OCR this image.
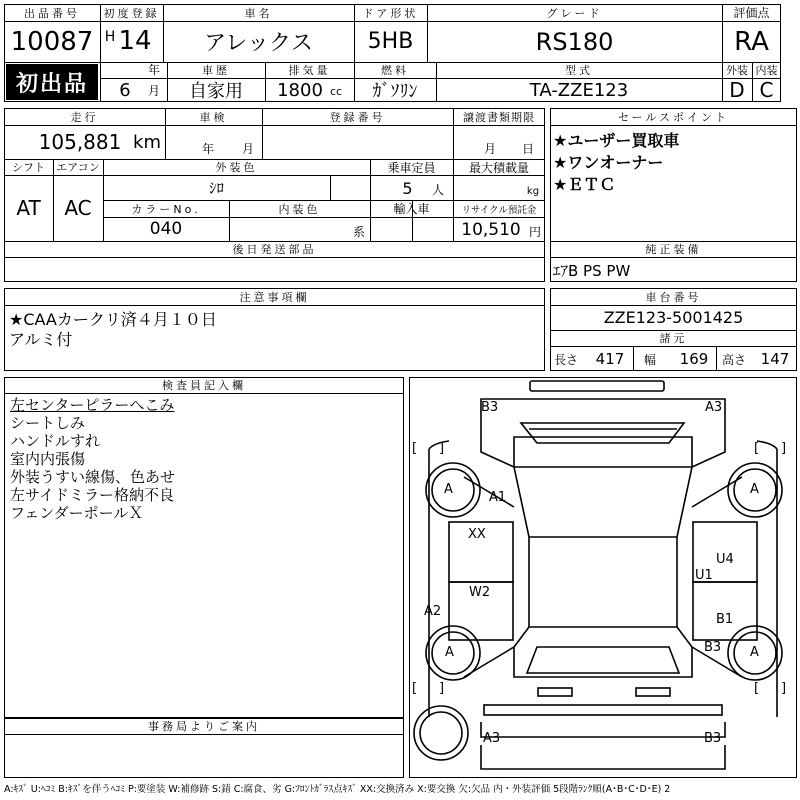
出品番号
10087
初出品
初度登録
H 14
年
6	月
車名
アレックス
ドア形状
5HB
グレード
RS180
評価点
RA
車歴
自家用
排気量
1800 cc
燃料
ｶﾞｿﾘﾝ
型式
TA-ZZE123
外装 内装
D C
走行
105,881 km
車検
年 月
登録番号	譲渡書類期限
月 日
シフト
AT
エアコン
AC
外装色
ｼﾛ
乗車定員
5	人
最大積載量
kg
カラーNo.
040
内装色
系
輸入車	リサイクル預託金
10,510 円
後日発送部品
セールスポイント
★ユーザー買取車
★ワンオーナー
★ＥＴＣ
純正装備
ｴｱB PS PW
注意事項欄
★CAAカークリ済４月１０日
アルミ付
車台番号
ZZE123-5001425
諸元
長さ	417	幅 169	高さ 147
検査員記入欄
左センターピラーへこみ
シートしみ
ハンドルすれ
室内内張傷
外装うすい線傷、色あせ
左サイドミラー格納不良
フェンダーポールＸ
事務局よりご案内
[ ]	[ ]
[ ]	[ ]
B3	A3
A1
XX
W2
A2
U4
U1
B1
B3
A3	B3
A	A
A	A
A:ｷｽﾞ U:ﾍｺﾐ B:ｷｽﾞを伴うﾍｺﾐ P:要塗装 W:補修跡 S:錆 C:腐食、劣 G:ﾌﾛﾝﾄｶﾞﾗｽ点ｷｽﾞ XX:交換済み X:要交換 欠:欠品 内・外装評価 5段階ﾗﾝｸ順(A･B･C･D･E) 2
